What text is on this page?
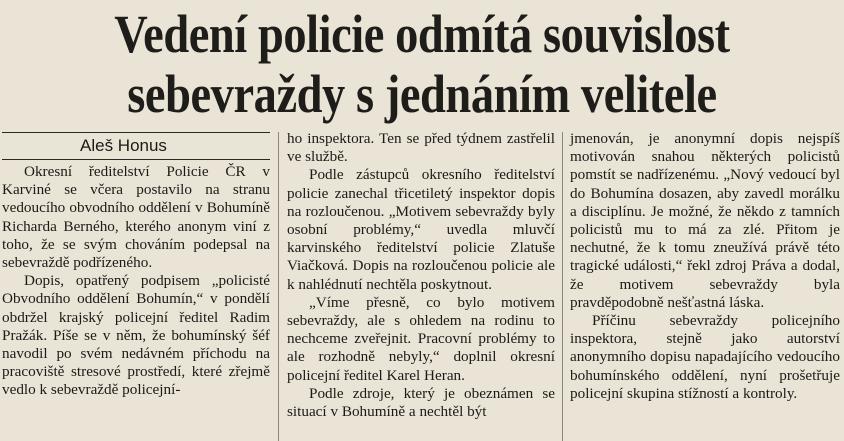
Vedení policie odmítá souvislost
sebevraždy s jednáním velitele
Aleš Honus

Okresní ředitelství Policie ČR v Karviné se včera postavilo na stranu vedoucího obvodního oddělení v Bohumíně Richarda Berného, kterého anonym viní z toho, že se svým chováním podepsal na sebevraždě podřízeného.

Dopis, opatřený podpisem „policisté Obvodního oddělení Bohumín,“ v pondělí obdržel krajský policejní ředitel Radim Pražák. Píše se v něm, že bohumínský šéf navodil po svém nedávném příchodu na pracoviště stresové prostředí, které zřejmě vedlo k sebevraždě policejní-

ho inspektora. Ten se před týdnem zastřelil ve službě.

Podle zástupců okresního ředitelství policie zanechal třicetiletý inspektor dopis na rozloučenou. „Motivem sebevraždy byly osobní problémy,“ uvedla mluvčí karvinského ředitelství policie Zlatuše Viačková. Dopis na rozloučenou policie ale k nahlédnutí nechtěla poskytnout.

„Víme přesně, co bylo motivem sebevraždy, ale s ohledem na rodinu to nechceme zveřejnit. Pracovní problémy to ale rozhodně nebyly,“ doplnil okresní policejní ředitel Karel Heran.

Podle zdroje, který je obeznámen se situací v Bohumíně a nechtěl být

jmenován, je anonymní dopis nejspíš motivován snahou některých policistů pomstít se nadřízenému. „Nový vedoucí byl do Bohumína dosazen, aby zavedl morálku a disciplínu. Je možné, že někdo z tamních policistů mu to má za zlé. Přitom je nechutné, že k tomu zneužívá právě této tragické události,“ řekl zdroj Práva a dodal, že motivem sebevraždy byla pravděpodobně nešťastná láska.

Příčinu sebevraždy policejního inspektora, stejně jako autorství anonymního dopisu napadajícího vedoucího bohumínského oddělení, nyní prošetřuje policejní skupina stížností a kontroly.
